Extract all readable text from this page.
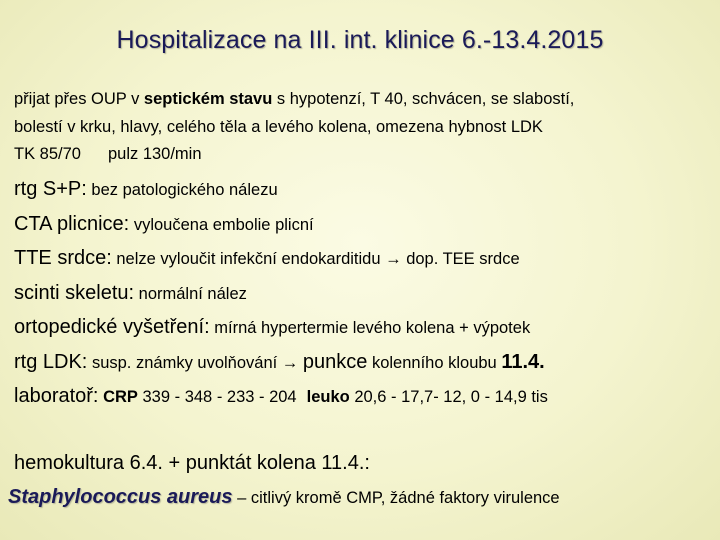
Hospitalizace na III. int. klinice 6.-13.4.2015
přijat přes OUP v septickém stavu s hypotenzí, T 40, schvácen, se slabostí,
bolestí v krku, hlavy, celého těla a levého kolena, omezena hybnost LDK
TK 85/70 pulz 130/min
rtg S+P: bez patologického nálezu
CTA plicnice: vyloučena embolie plicní
TTE srdce: nelze vyloučit infekční endokarditidu → dop. TEE srdce
scinti skeletu: normální nález
ortopedické vyšetření: mírná hypertermie levého kolena + výpotek
rtg LDK: susp. známky uvolňování → punkce kolenního kloubu 11.4.
laboratoř: CRP 339 - 348 - 233 - 204 leuko 20,6 - 17,7- 12, 0 - 14,9 tis
hemokultura 6.4. + punktát kolena 11.4.:
Staphylococcus aureus – citlivý kromě CMP, žádné faktory virulence
